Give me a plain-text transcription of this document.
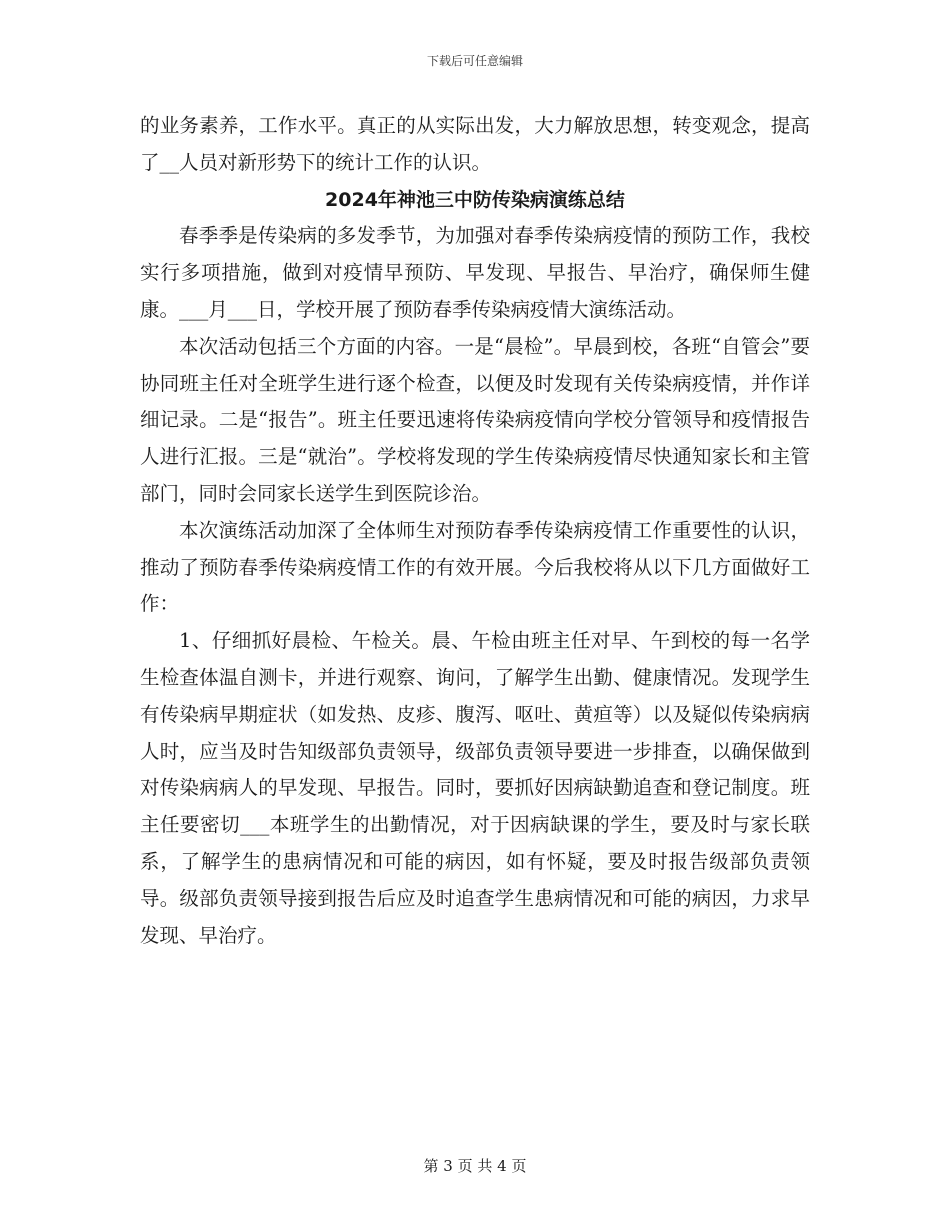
下载后可任意编辑

的业务素养，工作水平。真正的从实际出发，大力解放思想，转变观念，提高了__人员对新形势下的统计工作的认识。

2024年神池三中防传染病演练总结

春季季是传染病的多发季节，为加强对春季传染病疫情的预防工作，我校实行多项措施，做到对疫情早预防、早发现、早报告、早治疗，确保师生健康。___月___日，学校开展了预防春季传染病疫情大演练活动。

本次活动包括三个方面的内容。一是“晨检”。早晨到校，各班“自管会”要协同班主任对全班学生进行逐个检查，以便及时发现有关传染病疫情，并作详细记录。二是“报告”。班主任要迅速将传染病疫情向学校分管领导和疫情报告人进行汇报。三是“就治”。学校将发现的学生传染病疫情尽快通知家长和主管部门，同时会同家长送学生到医院诊治。

本次演练活动加深了全体师生对预防春季传染病疫情工作重要性的认识，推动了预防春季传染病疫情工作的有效开展。今后我校将从以下几方面做好工作：

1、仔细抓好晨检、午检关。晨、午检由班主任对早、午到校的每一名学生检查体温自测卡，并进行观察、询问，了解学生出勤、健康情况。发现学生有传染病早期症状（如发热、皮疹、腹泻、呕吐、黄疸等）以及疑似传染病病人时，应当及时告知级部负责领导，级部负责领导要进一步排查，以确保做到对传染病病人的早发现、早报告。同时，要抓好因病缺勤追查和登记制度。班主任要密切___本班学生的出勤情况，对于因病缺课的学生，要及时与家长联系，了解学生的患病情况和可能的病因，如有怀疑，要及时报告级部负责领导。级部负责领导接到报告后应及时追查学生患病情况和可能的病因，力求早发现、早治疗。

第 3 页 共 4 页
